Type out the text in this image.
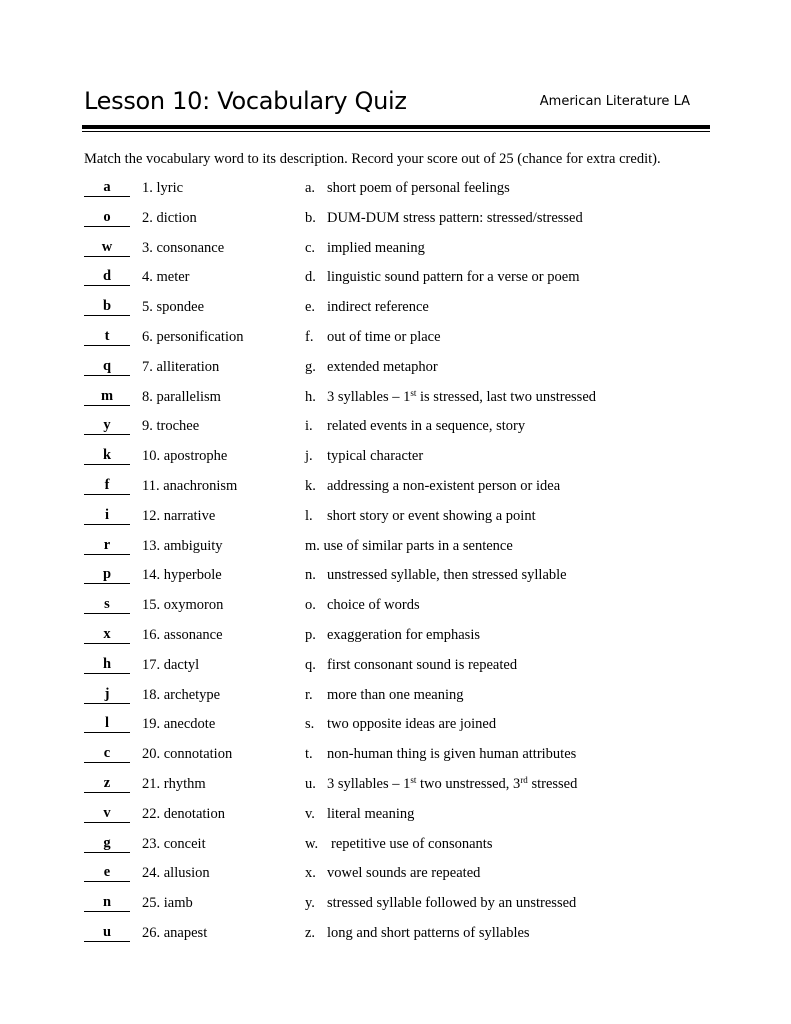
Lesson 10: Vocabulary Quiz	American Literature LA
Match the vocabulary word to its description. Record your score out of 25 (chance for extra credit).
a	1. lyric	a. short poem of personal feelings
o	2. diction	b. DUM-DUM stress pattern: stressed/stressed
w	3. consonance	c. implied meaning
d	4. meter	d. linguistic sound pattern for a verse or poem
b	5. spondee	e. indirect reference
t	6. personification	f. out of time or place
q	7. alliteration	g. extended metaphor
m	8. parallelism	h. 3 syllables – 1st is stressed, last two unstressed
y	9. trochee	i. related events in a sequence, story
k	10. apostrophe	j. typical character
f	11. anachronism	k. addressing a non-existent person or idea
i	12. narrative	l. short story or event showing a point
r	13. ambiguity	m. use of similar parts in a sentence
p	14. hyperbole	n. unstressed syllable, then stressed syllable
s	15. oxymoron	o. choice of words
x	16. assonance	p. exaggeration for emphasis
h	17. dactyl	q. first consonant sound is repeated
j	18. archetype	r. more than one meaning
l	19. anecdote	s. two opposite ideas are joined
c	20. connotation	t. non-human thing is given human attributes
z	21. rhythm	u. 3 syllables – 1st two unstressed, 3rd stressed
v	22. denotation	v. literal meaning
g	23. conceit	w. repetitive use of consonants
e	24. allusion	x. vowel sounds are repeated
n	25. iamb	y. stressed syllable followed by an unstressed
u	26. anapest	z. long and short patterns of syllables
